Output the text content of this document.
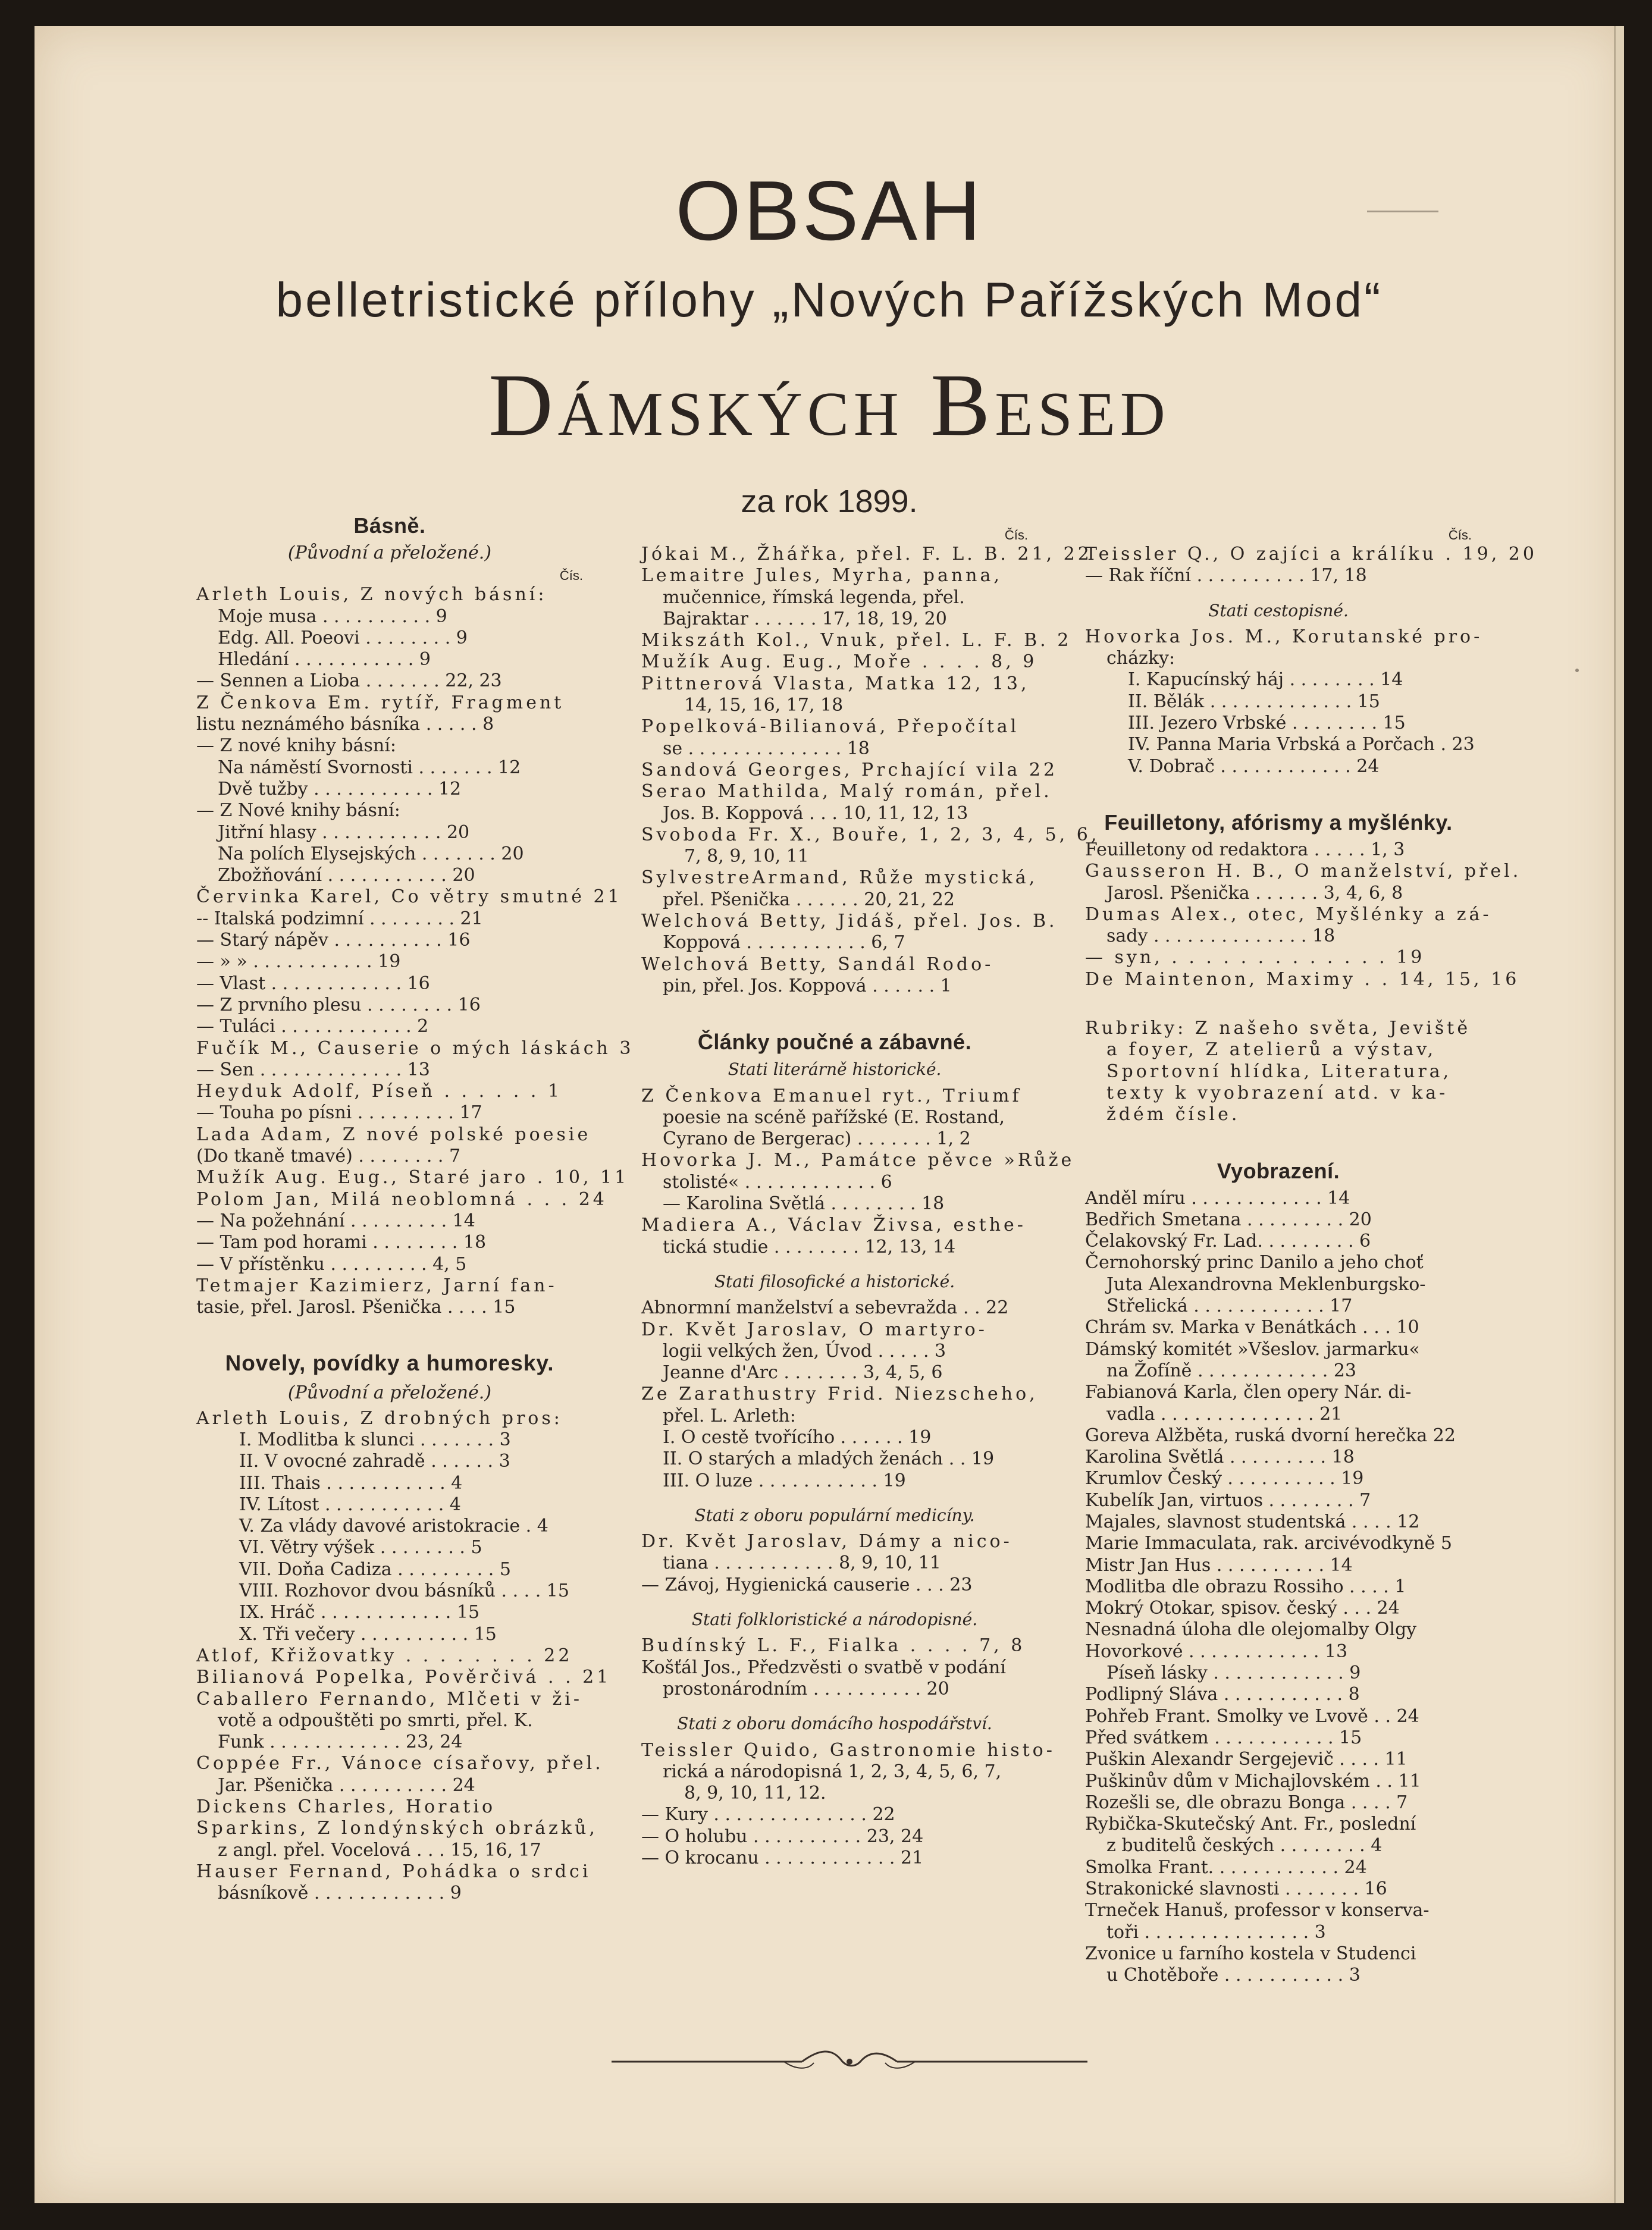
OBSAH
belletristické přílohy „Nových Pařížských Mod“
Dámských Besed
za rok 1899.
Básně.
(Původní a přeložené.)
Čís.
Arleth Louis, Z nových básní:
Moje musa . . . . . . . . . . 9
Edg. All. Poeovi . . . . . . . . 9
Hledání . . . . . . . . . . . 9
— Sennen a Lioba . . . . . . . 22, 23
Z Čenkova Em. rytíř, Fragment
listu neznámého básníka . . . . . 8
— Z nové knihy básní:
Na náměstí Svornosti . . . . . . . 12
Dvě tužby . . . . . . . . . . . 12
— Z Nové knihy básní:
Jitřní hlasy . . . . . . . . . . . 20
Na polích Elysejských . . . . . . . 20
Zbožňování . . . . . . . . . . . 20
Červinka Karel, Co větry smutné 21
-- Italská podzimní . . . . . . . . 21
— Starý nápěv . . . . . . . . . . 16
— » » . . . . . . . . . . . 19
— Vlast . . . . . . . . . . . . 16
— Z prvního plesu . . . . . . . . 16
— Tuláci . . . . . . . . . . . . 2
Fučík M., Causerie o mých láskách 3
— Sen . . . . . . . . . . . . . 13
Heyduk Adolf, Píseň . . . . . . 1
— Touha po písni . . . . . . . . . 17
Lada Adam, Z nové polské poesie
(Do tkaně tmavé) . . . . . . . . 7
Mužík Aug. Eug., Staré jaro . 10, 11
Polom Jan, Milá neoblomná . . . 24
— Na požehnání . . . . . . . . . 14
— Tam pod horami . . . . . . . . 18
— V přístěnku . . . . . . . . . 4, 5
Tetmajer Kazimierz, Jarní fan-
tasie, přel. Jarosl. Pšenička . . . . 15
Novely, povídky a humoresky.
(Původní a přeložené.)
Arleth Louis, Z drobných pros:
I. Modlitba k slunci . . . . . . . 3
II. V ovocné zahradě . . . . . . 3
III. Thais . . . . . . . . . . . 4
IV. Lítost . . . . . . . . . . . 4
V. Za vlády davové aristokracie . 4
VI. Větry výšek . . . . . . . . 5
VII. Doňa Cadiza . . . . . . . . . 5
VIII. Rozhovor dvou básníků . . . . 15
IX. Hráč . . . . . . . . . . . . 15
X. Tři večery . . . . . . . . . . 15
Atlof, Křižovatky . . . . . . . . 22
Bilianová Popelka, Pověrčivá . . 21
Caballero Fernando, Mlčeti v ži-
votě a odpouštěti po smrti, přel. K.
Funk . . . . . . . . . . . . 23, 24
Coppée Fr., Vánoce císařovy, přel.
Jar. Pšenička . . . . . . . . . . 24
Dickens Charles, Horatio
Sparkins, Z londýnských obrázků,
z angl. přel. Vocelová . . . 15, 16, 17
Hauser Fernand, Pohádka o srdci
básníkově . . . . . . . . . . . . 9
Čís.
Jókai M., Žhářka, přel. F. L. B. 21, 22
Lemaitre Jules, Myrha, panna,
mučennice, římská legenda, přel.
Bajraktar . . . . . . 17, 18, 19, 20
Mikszáth Kol., Vnuk, přel. L. F. B. 2
Mužík Aug. Eug., Moře . . . . 8, 9
Pittnerová Vlasta, Matka 12, 13,
14, 15, 16, 17, 18
Popelková-Bilianová, Přepočítal
se . . . . . . . . . . . . . . 18
Sandová Georges, Prchající vila 22
Serao Mathilda, Malý román, přel.
Jos. B. Koppová . . . 10, 11, 12, 13
Svoboda Fr. X., Bouře, 1, 2, 3, 4, 5, 6,
7, 8, 9, 10, 11
SylvestreArmand, Růže mystická,
přel. Pšenička . . . . . . 20, 21, 22
Welchová Betty, Jidáš, přel. Jos. B.
Koppová . . . . . . . . . . . 6, 7
Welchová Betty, Sandál Rodo-
pin, přel. Jos. Koppová . . . . . . 1
Články poučné a zábavné.
Stati literárně historické.
Z Čenkova Emanuel ryt., Triumf
poesie na scéně pařížské (E. Rostand,
Cyrano de Bergerac) . . . . . . . 1, 2
Hovorka J. M., Památce pěvce »Růže
stolisté« . . . . . . . . . . . . 6
— Karolina Světlá . . . . . . . . 18
Madiera A., Václav Živsa, esthe-
tická studie . . . . . . . . 12, 13, 14
Stati filosofické a historické.
Abnormní manželství a sebevražda . . 22
Dr. Květ Jaroslav, O martyro-
logii velkých žen, Úvod . . . . . 3
Jeanne d'Arc . . . . . . . 3, 4, 5, 6
Ze Zarathustry Frid. Niezscheho,
přel. L. Arleth:
I. O cestě tvořícího . . . . . . 19
II. O starých a mladých ženách . . 19
III. O luze . . . . . . . . . . . 19
Stati z oboru populární medicíny.
Dr. Květ Jaroslav, Dámy a nico-
tiana . . . . . . . . . . . 8, 9, 10, 11
— Závoj, Hygienická causerie . . . 23
Stati folkloristické a národopisné.
Budínský L. F., Fialka . . . . 7, 8
Košťál Jos., Předzvěsti o svatbě v podání
prostonárodním . . . . . . . . . . 20
Stati z oboru domácího hospodářství.
Teissler Quido, Gastronomie histo-
rická a národopisná 1, 2, 3, 4, 5, 6, 7,
8, 9, 10, 11, 12.
— Kury . . . . . . . . . . . . . . 22
— O holubu . . . . . . . . . . 23, 24
— O krocanu . . . . . . . . . . . . 21
Čís.
Teissler Q., O zajíci a králíku . 19, 20
— Rak říční . . . . . . . . . . 17, 18
Stati cestopisné.
Hovorka Jos. M., Korutanské pro-
cházky:
I. Kapucínský háj . . . . . . . . 14
II. Bělák . . . . . . . . . . . . . 15
III. Jezero Vrbské . . . . . . . . 15
IV. Panna Maria Vrbská a Porčach . 23
V. Dobrač . . . . . . . . . . . . 24
Feuilletony, afórismy a myšlénky.
Feuilletony od redaktora . . . . . 1, 3
Gausseron H. B., O manželství, přel.
Jarosl. Pšenička . . . . . . 3, 4, 6, 8
Dumas Alex., otec, Myšlénky a zá-
sady . . . . . . . . . . . . . . 18
— syn, . . . . . . . . . . . . . 19
De Maintenon, Maximy . . 14, 15, 16
Rubriky: Z našeho světa, Jeviště
a foyer, Z atelierů a výstav,
Sportovní hlídka, Literatura,
texty k vyobrazení atd. v ka-
ždém čísle.
Vyobrazení.
Anděl míru . . . . . . . . . . . . 14
Bedřich Smetana . . . . . . . . . 20
Čelakovský Fr. Lad. . . . . . . . . 6
Černohorský princ Danilo a jeho choť
Juta Alexandrovna Meklenburgsko-
Střelická . . . . . . . . . . . . 17
Chrám sv. Marka v Benátkách . . . 10
Dámský komitét »Všeslov. jarmarku«
na Žofíně . . . . . . . . . . . . 23
Fabianová Karla, člen opery Nár. di-
vadla . . . . . . . . . . . . . . 21
Goreva Alžběta, ruská dvorní herečka 22
Karolina Světlá . . . . . . . . . 18
Krumlov Český . . . . . . . . . . 19
Kubelík Jan, virtuos . . . . . . . . 7
Majales, slavnost studentská . . . . 12
Marie Immaculata, rak. arcivévodkyně 5
Mistr Jan Hus . . . . . . . . . . 14
Modlitba dle obrazu Rossiho . . . . 1
Mokrý Otokar, spisov. český . . . 24
Nesnadná úloha dle olejomalby Olgy
Hovorkové . . . . . . . . . . . . 13
Píseň lásky . . . . . . . . . . . . 9
Podlipný Sláva . . . . . . . . . . . 8
Pohřeb Frant. Smolky ve Lvově . . 24
Před svátkem . . . . . . . . . . . 15
Puškin Alexandr Sergejevič . . . . 11
Puškinův dům v Michajlovském . . 11
Rozešli se, dle obrazu Bonga . . . . 7
Rybička-Skutečský Ant. Fr., poslední
z buditelů českých . . . . . . . . 4
Smolka Frant. . . . . . . . . . . . 24
Strakonické slavnosti . . . . . . . 16
Trneček Hanuš, professor v konserva-
toři . . . . . . . . . . . . . . . 3
Zvonice u farního kostela v Studenci
u Chotěboře . . . . . . . . . . . 3
